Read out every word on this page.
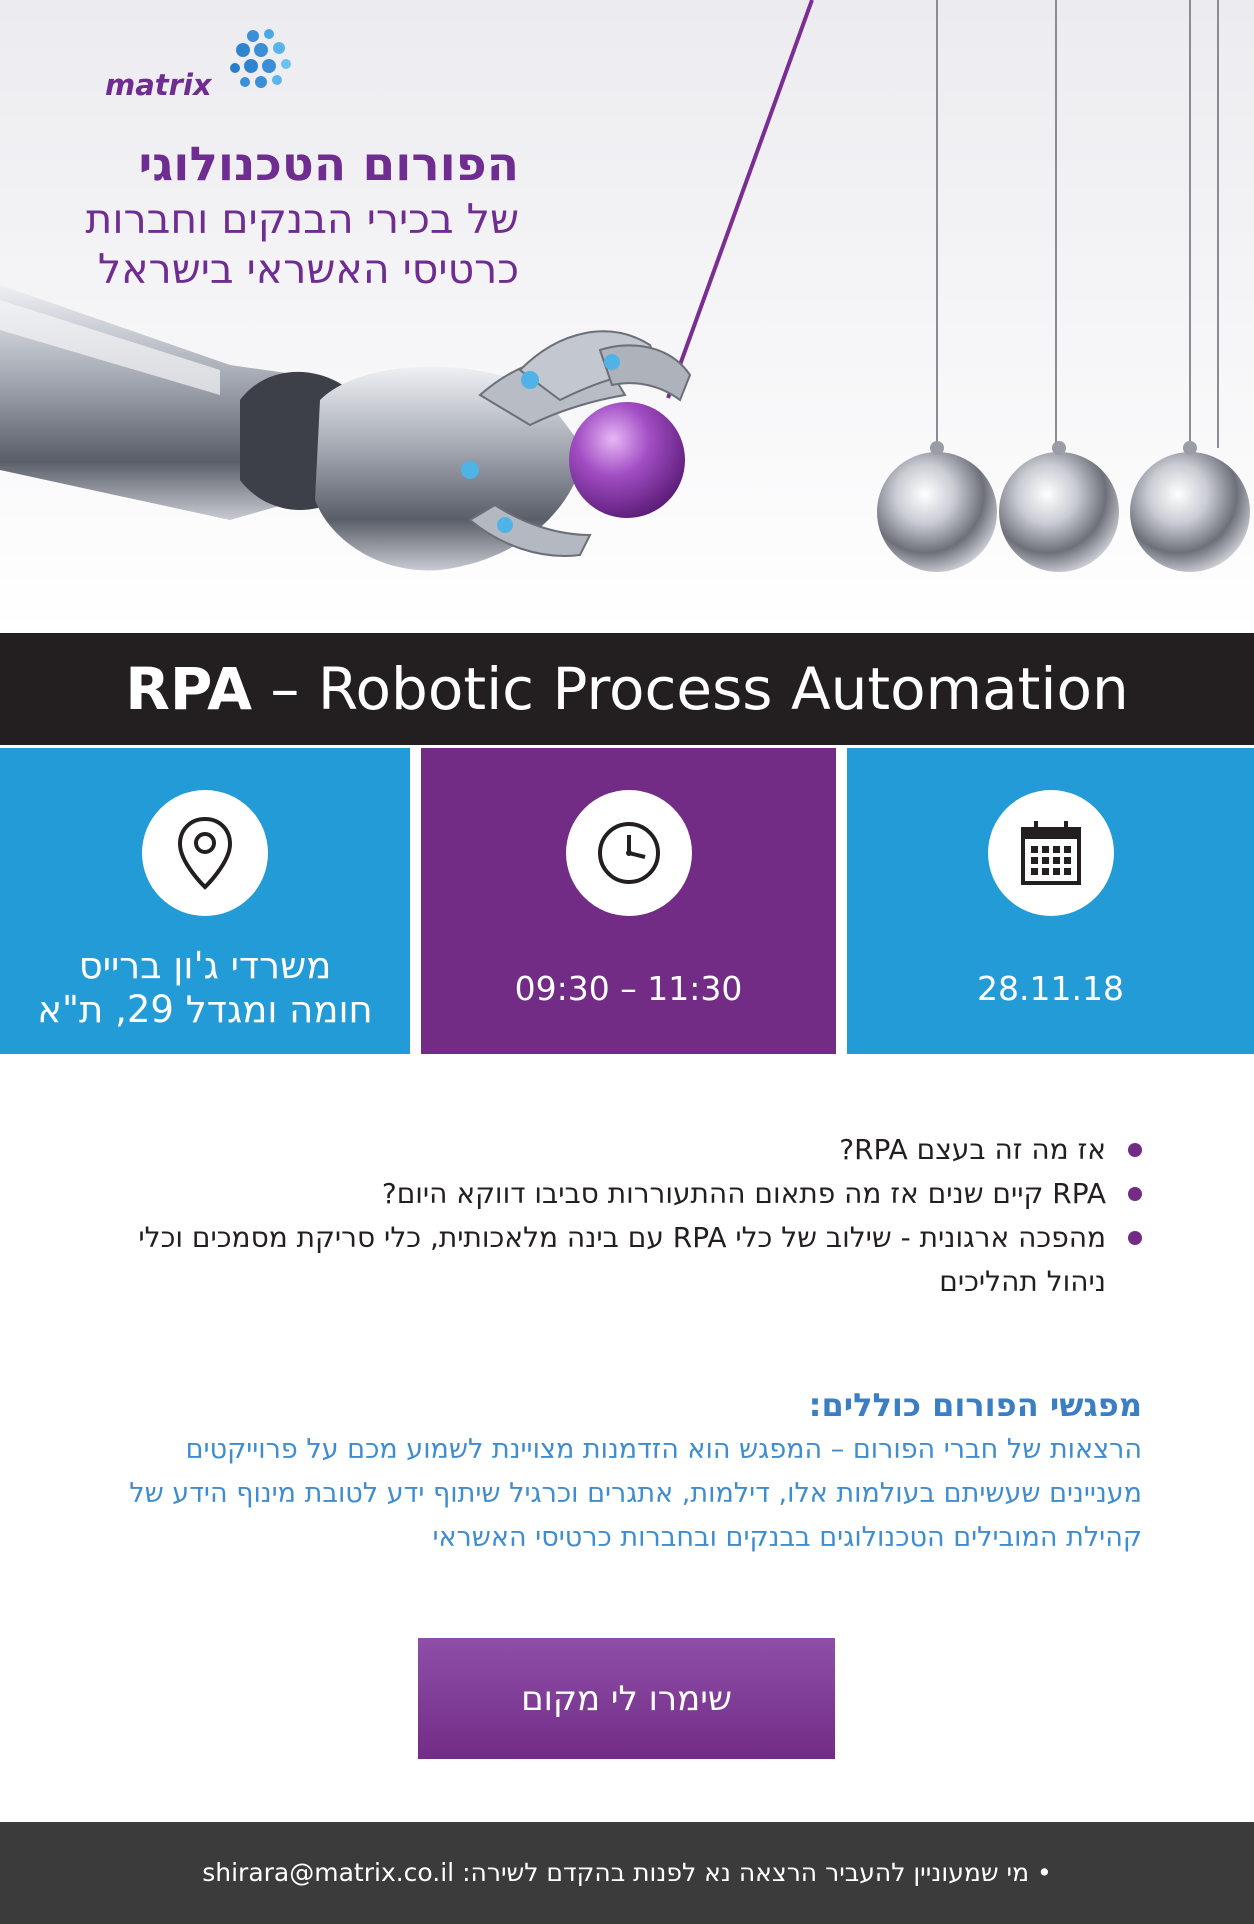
matrix
הפורום הטכנולוגי
של בכירי הבנקים וחברות
כרטיסי האשראי בישראל
RPA – Robotic Process Automation
משרדי ג'ון ברייס
חומה ומגדל 29, ת"א	09:30 – 11:30	28.11.18
אז מה זה בעצם RPA?
RPA קיים שנים אז מה פתאום ההתעוררות סביבו דווקא היום?
מהפכה ארגונית - שילוב של כלי RPA עם בינה מלאכותית, כלי סריקת מסמכים וכלי ניהול תהליכים
מפגשי הפורום כוללים:
הרצאות של חברי הפורום – המפגש הוא הזדמנות מצויינת לשמוע מכם על פרוייקטים מעניינים שעשיתם בעולמות אלו, דילמות, אתגרים וכרגיל שיתוף ידע לטובת מינוף הידע של קהילת המובילים הטכנולוגים בבנקים ובחברות כרטיסי האשראי
שימרו לי מקום
• מי שמעוניין להעביר הרצאה נא לפנות בהקדם לשירה: shirara@matrix.co.il
